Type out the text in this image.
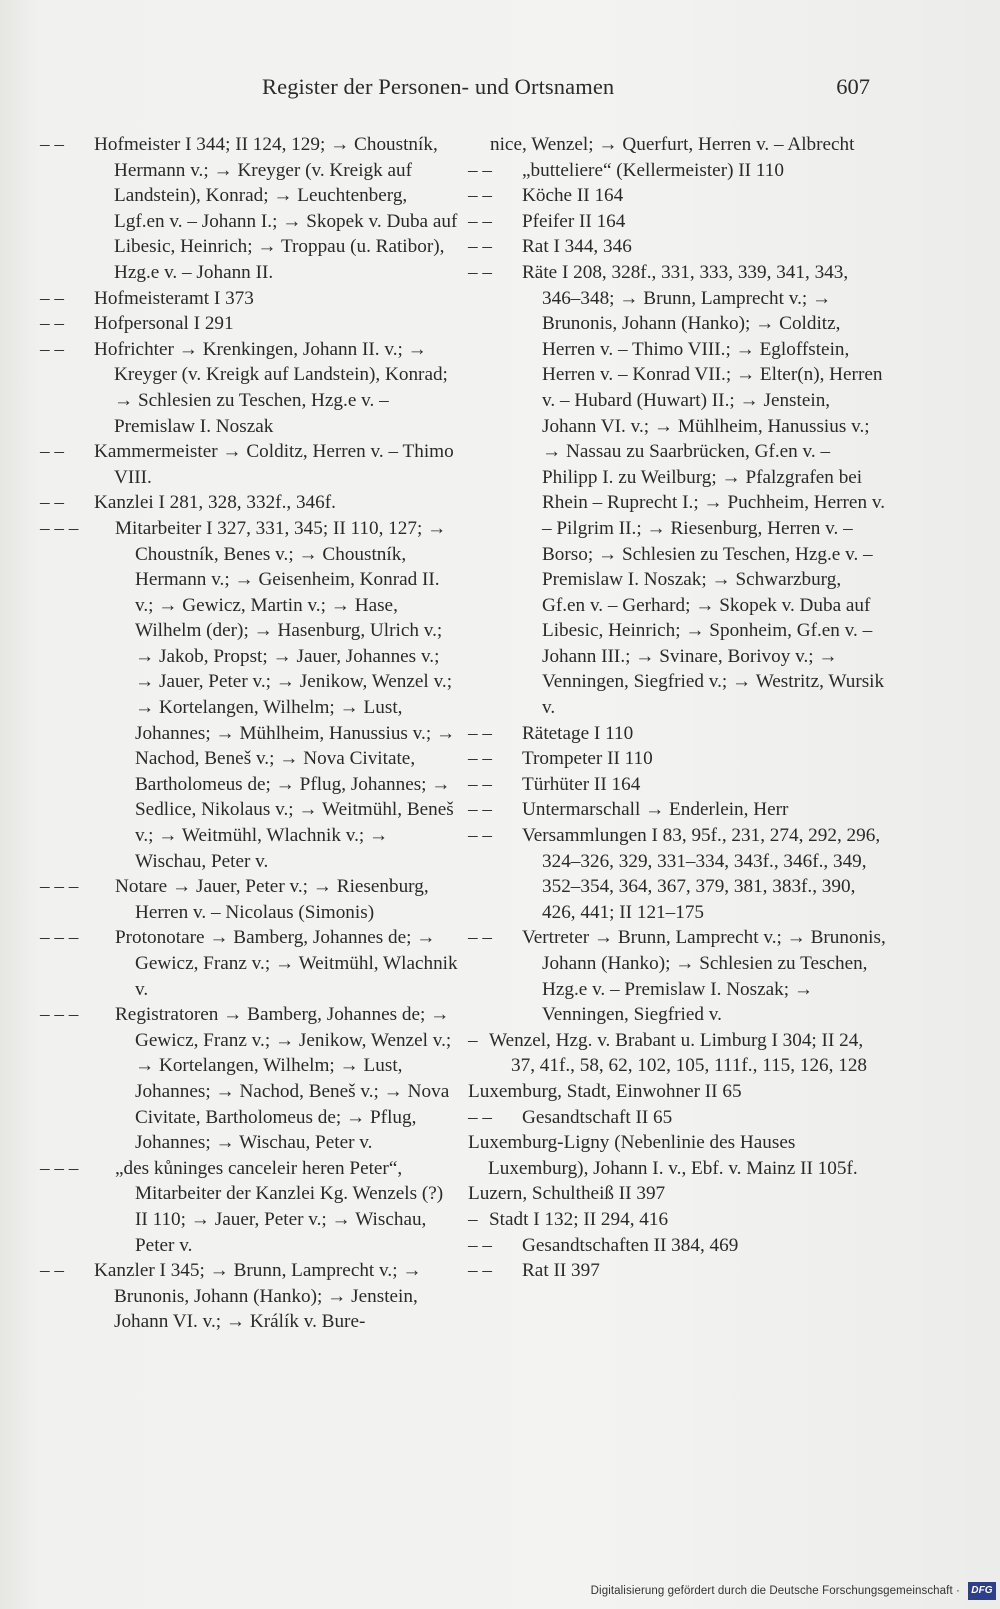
Register der Personen- und Ortsnamen	607
– –	Hofmeister I 344; II 124, 129; → Choustník, Hermann v.; → Kreyger (v. Kreigk auf Landstein), Konrad; → Leuchtenberg, Lgf.en v. – Johann I.; → Skopek v. Duba auf Libesic, Heinrich; → Troppau (u. Ratibor), Hzg.e v. – Johann II.
– –	Hofmeisteramt I 373
– –	Hofpersonal I 291
– –	Hofrichter → Krenkingen, Johann II. v.; → Kreyger (v. Kreigk auf Landstein), Konrad; → Schlesien zu Teschen, Hzg.e v. – Premislaw I. Noszak
– –	Kammermeister → Colditz, Herren v. – Thimo VIII.
– –	Kanzlei I 281, 328, 332f., 346f.
– – –	Mitarbeiter I 327, 331, 345; II 110, 127; → Choustník, Benes v.; → Choustník, Hermann v.; → Geisenheim, Konrad II. v.; → Gewicz, Martin v.; → Hase, Wilhelm (der); → Hasenburg, Ulrich v.; → Jakob, Propst; → Jauer, Johannes v.; → Jauer, Peter v.; → Jenikow, Wenzel v.; → Kortelangen, Wilhelm; → Lust, Johannes; → Mühlheim, Hanussius v.; → Nachod, Beneš v.; → Nova Civitate, Bartholomeus de; → Pflug, Johannes; → Sedlice, Nikolaus v.; → Weitmühl, Beneš v.; → Weitmühl, Wlachnik v.; → Wischau, Peter v.
– – –	Notare → Jauer, Peter v.; → Riesenburg, Herren v. – Nicolaus (Simonis)
– – –	Protonotare → Bamberg, Johannes de; → Gewicz, Franz v.; → Weitmühl, Wlachnik v.
– – –	Registratoren → Bamberg, Johannes de; → Gewicz, Franz v.; → Jenikow, Wenzel v.; → Kortelangen, Wilhelm; → Lust, Johannes; → Nachod, Beneš v.; → Nova Civitate, Bartholomeus de; → Pflug, Johannes; → Wischau, Peter v.
– – –	„des kůninges canceleir heren Peter“, Mitarbeiter der Kanzlei Kg. Wenzels (?) II 110; → Jauer, Peter v.; → Wischau, Peter v.
– –	Kanzler I 345; → Brunn, Lamprecht v.; → Brunonis, Johann (Hanko); → Jenstein, Johann VI. v.; → Králík v. Bure-
nice, Wenzel; → Querfurt, Herren v. – Albrecht
– –	„butteliere“ (Kellermeister) II 110
– –	Köche II 164
– –	Pfeifer II 164
– –	Rat I 344, 346
– –	Räte I 208, 328f., 331, 333, 339, 341, 343, 346–348; → Brunn, Lamprecht v.; → Brunonis, Johann (Hanko); → Colditz, Herren v. – Thimo VIII.; → Egloffstein, Herren v. – Konrad VII.; → Elter(n), Herren v. – Hubard (Huwart) II.; → Jenstein, Johann VI. v.; → Mühlheim, Hanussius v.; → Nassau zu Saarbrücken, Gf.en v. – Philipp I. zu Weilburg; → Pfalzgrafen bei Rhein – Ruprecht I.; → Puchheim, Herren v. – Pilgrim II.; → Riesenburg, Herren v. – Borso; → Schlesien zu Teschen, Hzg.e v. – Premislaw I. Noszak; → Schwarzburg, Gf.en v. – Gerhard; → Skopek v. Duba auf Libesic, Heinrich; → Sponheim, Gf.en v. – Johann III.; → Svinare, Borivoy v.; → Venningen, Siegfried v.; → Westritz, Wursik v.
– –	Rätetage I 110
– –	Trompeter II 110
– –	Türhüter II 164
– –	Untermarschall → Enderlein, Herr
– –	Versammlungen I 83, 95f., 231, 274, 292, 296, 324–326, 329, 331–334, 343f., 346f., 349, 352–354, 364, 367, 379, 381, 383f., 390, 426, 441; II 121–175
– –	Vertreter → Brunn, Lamprecht v.; → Brunonis, Johann (Hanko); → Schlesien zu Teschen, Hzg.e v. – Premislaw I. Noszak; → Venningen, Siegfried v.
– Wenzel, Hzg. v. Brabant u. Limburg I 304; II 24, 37, 41f., 58, 62, 102, 105, 111f., 115, 126, 128
Luxemburg, Stadt, Einwohner II 65
– –	Gesandtschaft II 65
Luxemburg-Ligny (Nebenlinie des Hauses Luxemburg), Johann I. v., Ebf. v. Mainz II 105f.
Luzern, Schultheiß II 397
– Stadt I 132; II 294, 416
– –	Gesandtschaften II 384, 469
– –	Rat II 397
Digitalisierung gefördert durch die Deutsche Forschungsgemeinschaft ·	DFG
